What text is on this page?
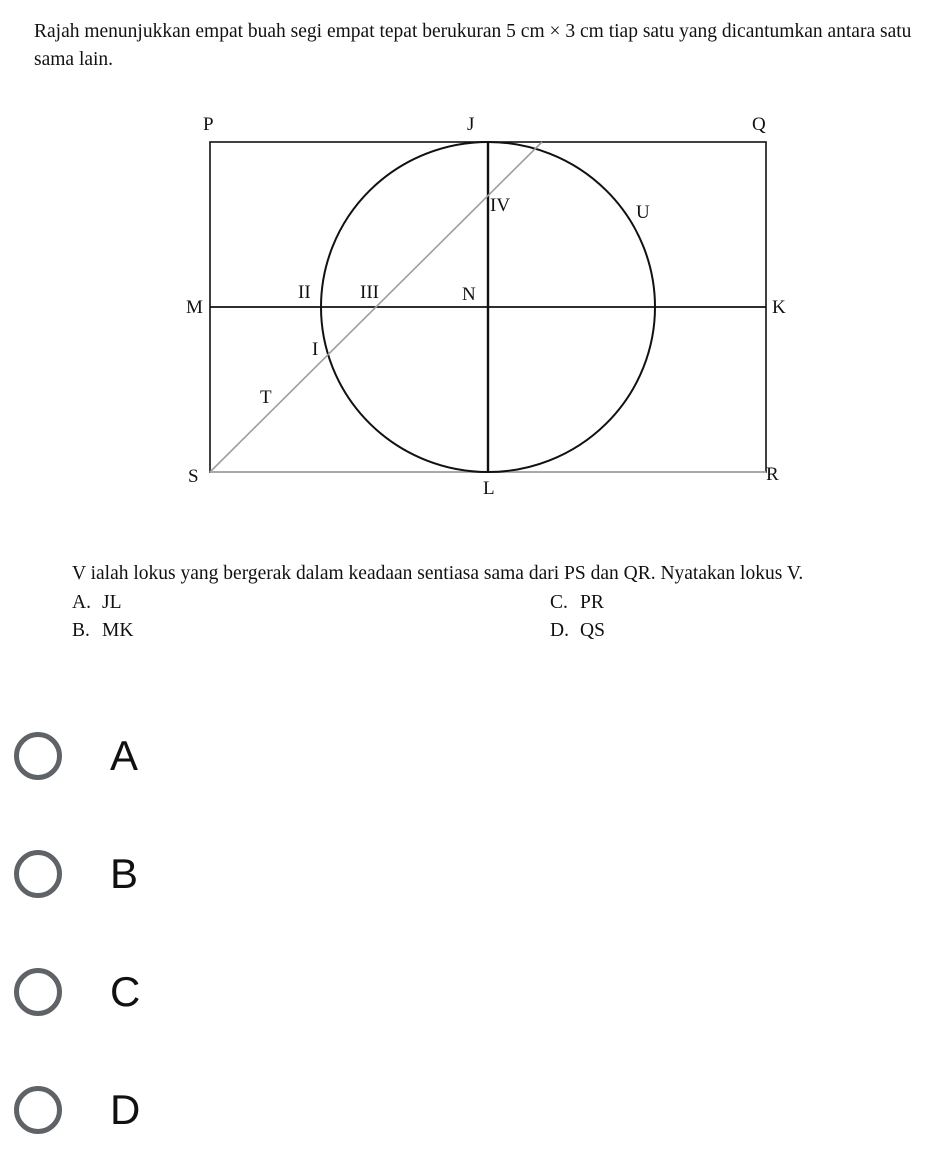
Rajah menunjukkan empat buah segi empat tepat berukuran 5 cm × 3 cm tiap satu yang dicantumkan antara satu sama lain.

P	J	Q
M	K
S
L
R
N
T
U
I
II	III
IV

V ialah lokus yang bergerak dalam keadaan sentiasa sama dari PS dan QR. Nyatakan lokus V.

A. JL
B. MK
C. PR
D. QS
A
B
C
D
